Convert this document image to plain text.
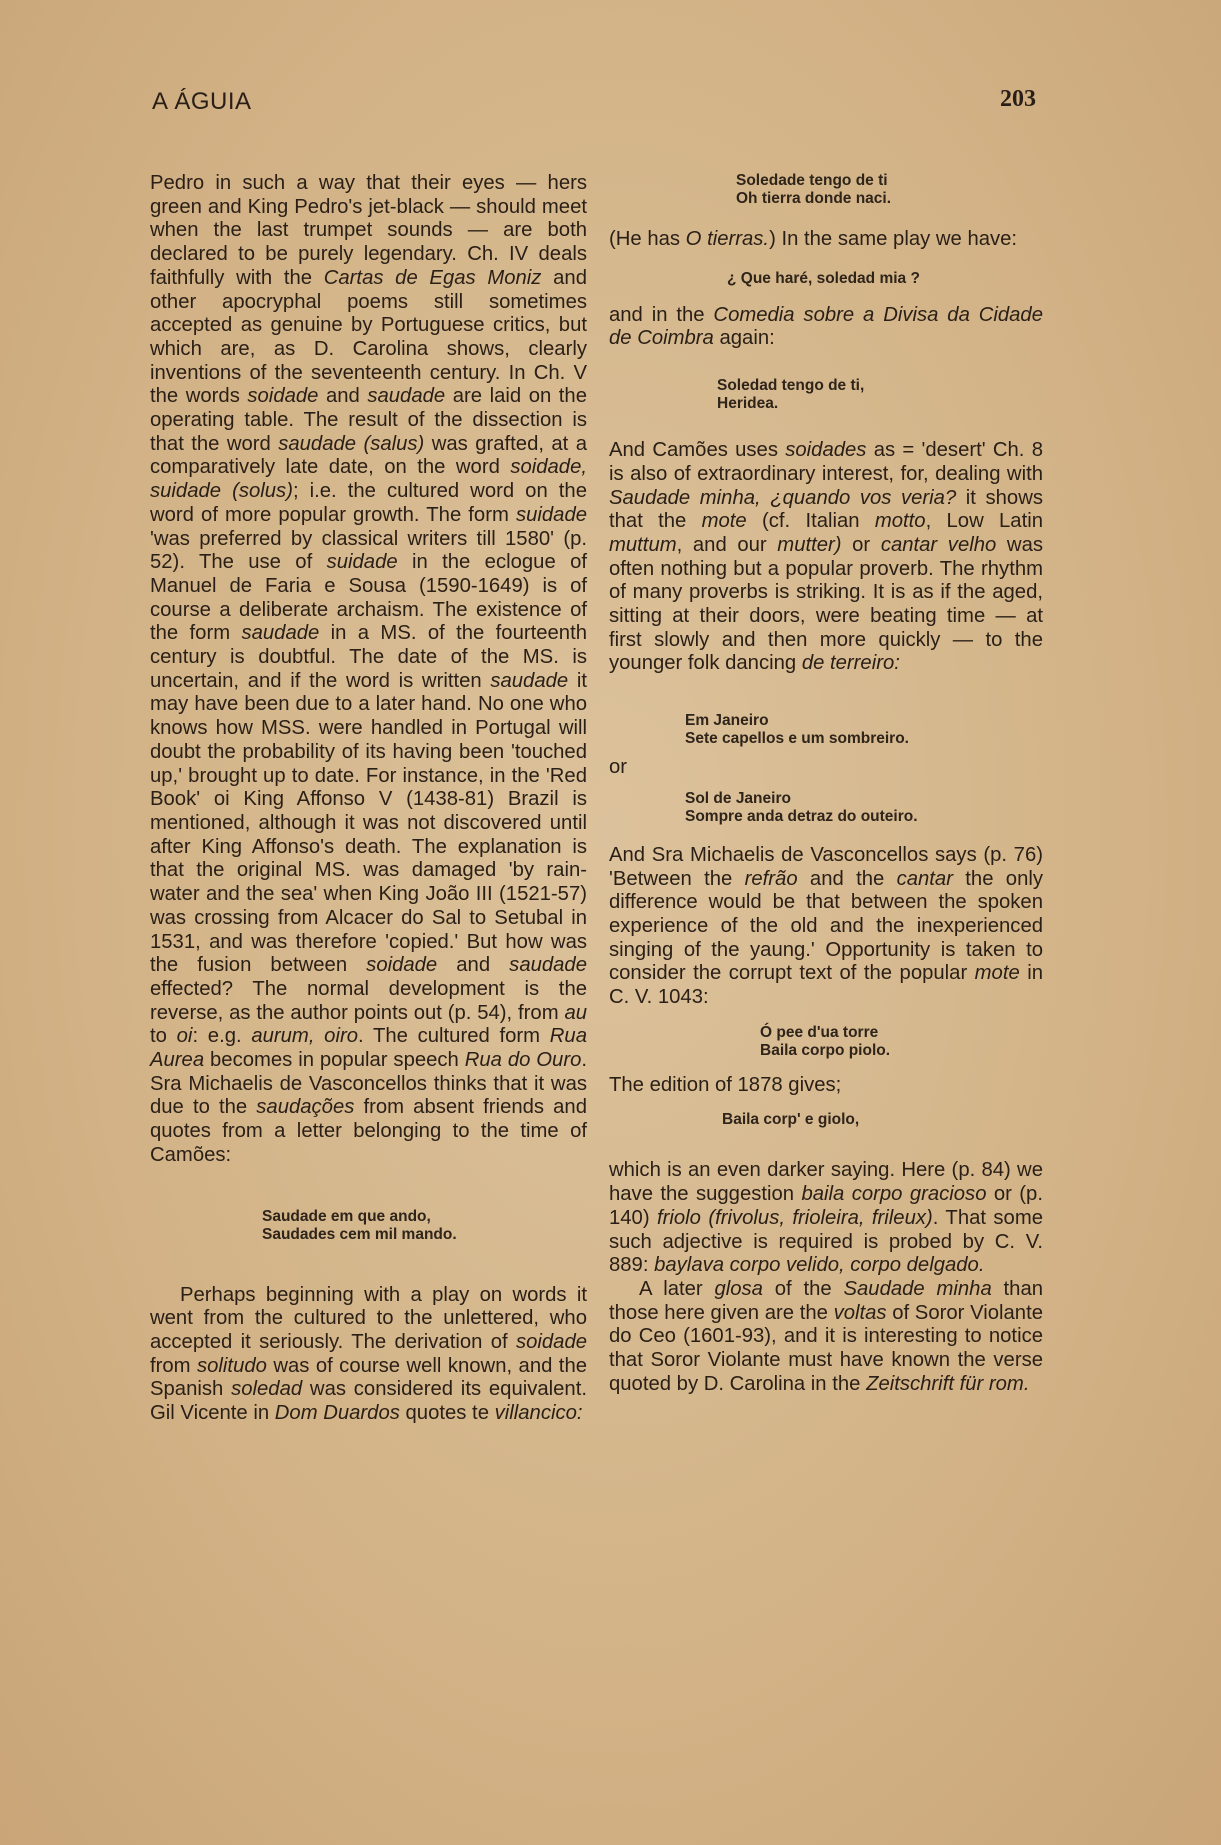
A ÁGUIA	203

Pedro in such a way that their eyes — hers green and King Pedro's jet-black — should meet when the last trumpet sounds — are both declared to be purely legendary. Ch. IV deals faithfully with the Cartas de Egas Moniz and other apocryphal poems still sometimes accepted as genuine by Portuguese critics, but which are, as D. Carolina shows, clearly inventions of the seventeenth century. In Ch. V the words soidade and saudade are laid on the operating table. The result of the dissection is that the word saudade (salus) was grafted, at a comparatively late date, on the word soidade, suidade (solus); i.e. the cultured word on the word of more popular growth. The form suidade 'was preferred by classical writers till 1580' (p. 52). The use of suidade in the eclogue of Manuel de Faria e Sousa (1590-1649) is of course a deliberate archaism. The existence of the form saudade in a MS. of the fourteenth century is doubtful. The date of the MS. is uncertain, and if the word is written saudade it may have been due to a later hand. No one who knows how MSS. were handled in Portugal will doubt the probability of its having been 'touched up,' brought up to date. For instance, in the 'Red Book' oi King Affonso V (1438-81) Brazil is mentioned, although it was not discovered until after King Affonso's death. The explanation is that the original MS. was damaged 'by rain-water and the sea' when King João III (1521-57) was crossing from Alcacer do Sal to Setubal in 1531, and was therefore 'copied.' But how was the fusion between soidade and saudade effected? The normal development is the reverse, as the author points out (p. 54), from au to oi: e.g. aurum, oiro. The cultured form Rua Aurea becomes in popular speech Rua do Ouro. Sra Michaelis de Vasconcellos thinks that it was due to the saudações from absent friends and quotes from a letter belonging to the time of Camões:

Saudade em que ando,
Saudades cem mil mando.

Perhaps beginning with a play on words it went from the cultured to the unlettered, who accepted it seriously. The derivation of soidade from solitudo was of course well known, and the Spanish soledad was considered its equivalent. Gil Vicente in Dom Duardos quotes te villancico:

Soledade tengo de ti
Oh tierra donde naci.

(He has O tierras.) In the same play we have:

¿ Que haré, soledad mia ?

and in the Comedia sobre a Divisa da Cidade de Coimbra again:

Soledad tengo de ti,
Heridea.

And Camões uses soidades as = 'desert' Ch. 8 is also of extraordinary interest, for, dealing with Saudade minha, ¿quando vos veria? it shows that the mote (cf. Italian motto, Low Latin muttum, and our mutter) or cantar velho was often nothing but a popular proverb. The rhythm of many proverbs is striking. It is as if the aged, sitting at their doors, were beating time — at first slowly and then more quickly — to the younger folk dancing de terreiro:

Em Janeiro
Sete capellos e um sombreiro.
or
Sol de Janeiro
Sompre anda detraz do outeiro.

And Sra Michaelis de Vasconcellos says (p. 76) 'Between the refrão and the cantar the only difference would be that between the spoken experience of the old and the inexperienced singing of the yaung.' Opportunity is taken to consider the corrupt text of the popular mote in C. V. 1043:

Ó pee d'ua torre
Baila corpo piolo.

The edition of 1878 gives;

Baila corp' e giolo,

which is an even darker saying. Here (p. 84) we have the suggestion baila corpo gracioso or (p. 140) friolo (frivolus, frioleira, frileux). That some such adjective is required is probed by C. V. 889: baylava corpo velido, corpo delgado.

A later glosa of the Saudade minha than those here given are the voltas of Soror Violante do Ceo (1601-93), and it is interesting to notice that Soror Violante must have known the verse quoted by D. Carolina in the Zeitschrift für rom.
